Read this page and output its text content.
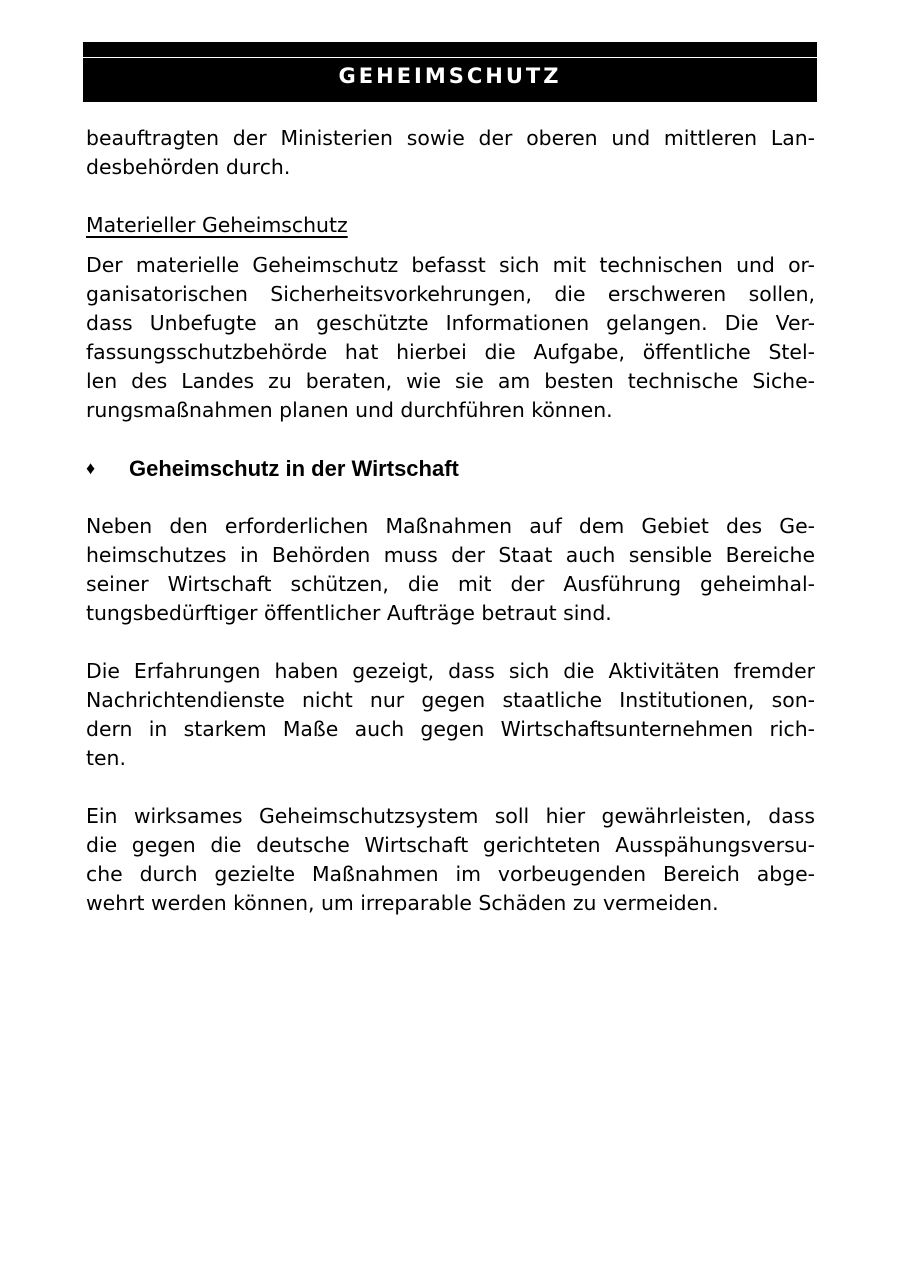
GEHEIMSCHUTZ

beauftragten der Ministerien sowie der oberen und mittleren Lan-
desbehörden durch.

Materieller Geheimschutz

Der materielle Geheimschutz befasst sich mit technischen und or-
ganisatorischen Sicherheitsvorkehrungen, die erschweren sollen,
dass Unbefugte an geschützte Informationen gelangen. Die Ver-
fassungsschutzbehörde hat hierbei die Aufgabe, öffentliche Stel-
len des Landes zu beraten, wie sie am besten technische Siche-
rungsmaßnahmen planen und durchführen können.

♦	Geheimschutz in der Wirtschaft

Neben den erforderlichen Maßnahmen auf dem Gebiet des Ge-
heimschutzes in Behörden muss der Staat auch sensible Bereiche
seiner Wirtschaft schützen, die mit der Ausführung geheimhal-
tungsbedürftiger öffentlicher Aufträge betraut sind.

Die Erfahrungen haben gezeigt, dass sich die Aktivitäten fremder
Nachrichtendienste nicht nur gegen staatliche Institutionen, son-
dern in starkem Maße auch gegen Wirtschaftsunternehmen rich-
ten.

Ein wirksames Geheimschutzsystem soll hier gewährleisten, dass
die gegen die deutsche Wirtschaft gerichteten Ausspähungsversu-
che durch gezielte Maßnahmen im vorbeugenden Bereich abge-
wehrt werden können, um irreparable Schäden zu vermeiden.
